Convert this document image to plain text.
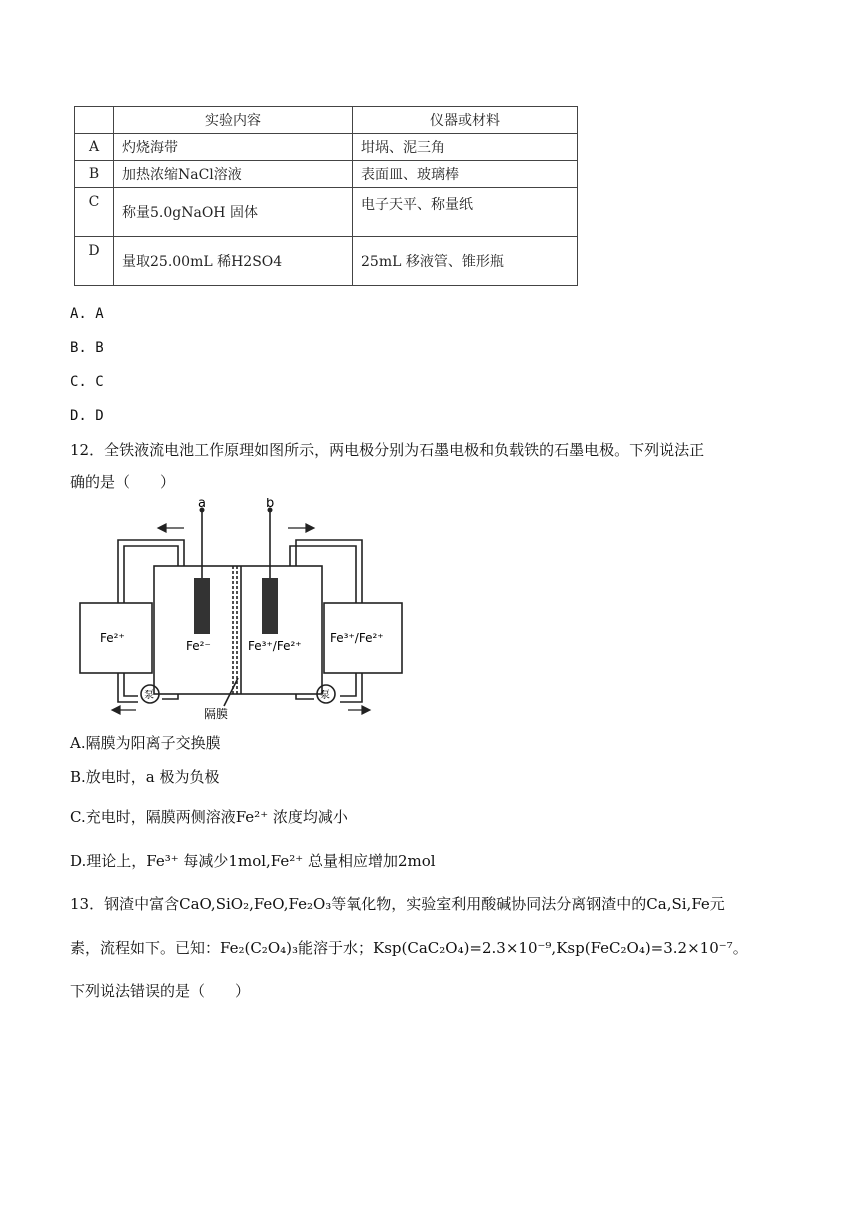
	实验内容	仪器或材料
A	灼烧海带	坩埚、泥三角
B	加热浓缩NaCl溶液	表面皿、玻璃棒
C	称量5.0gNaOH 固体	电子天平、称量纸
D	量取25.00mL 稀H2SO4	25mL 移液管、锥形瓶
A. A
B. B
C. C
D. D
12．全铁液流电池工作原理如图所示，两电极分别为石墨电极和负载铁的石墨电极。下列说法正
确的是（　　）
a	b
Fe²⁺
Fe²⁻	Fe³⁺/Fe²⁺
Fe³⁺/Fe²⁺
泵	泵
隔膜
A.隔膜为阳离子交换膜
B.放电时，a 极为负极
C.充电时，隔膜两侧溶液Fe²⁺ 浓度均减小
D.理论上，Fe³⁺ 每减少1mol,Fe²⁺ 总量相应增加2mol
13．钢渣中富含CaO,SiO₂,FeO,Fe₂O₃等氧化物，实验室利用酸碱协同法分离钢渣中的Ca,Si,Fe元
素，流程如下。已知：Fe₂(C₂O₄)₃能溶于水；Ksp(CaC₂O₄)=2.3×10⁻⁹,Ksp(FeC₂O₄)=3.2×10⁻⁷。
下列说法错误的是（　　）
